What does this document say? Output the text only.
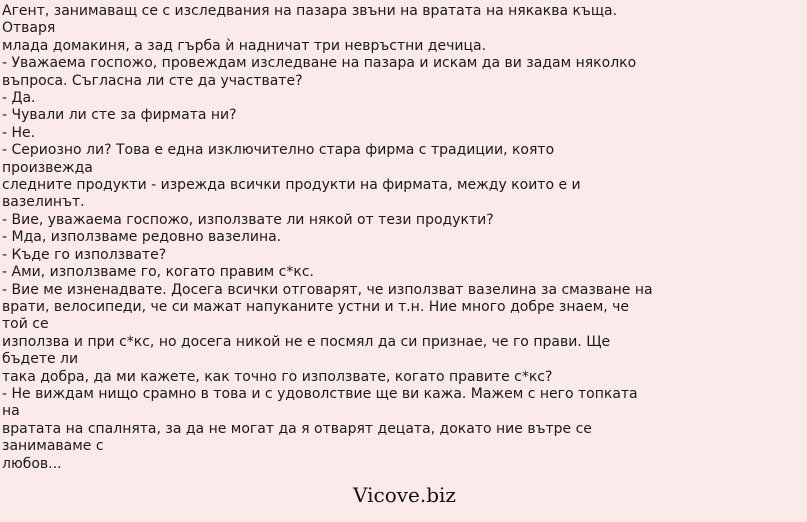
Агент, занимаващ се с изследвания на пазара звъни на вратата на някаква къща.
Отваря
млада домакиня, а зад гърба ѝ надничат три невръстни дечица.
- Уважаема госпожо, провеждам изследване на пазара и искам да ви задам няколко
въпроса. Съгласна ли сте да участвате?
- Да.
- Чували ли сте за фирмата ни?
- Не.
- Сериозно ли? Това е една изключително стара фирма с традиции, която
произвежда
следните продукти - изрежда всички продукти на фирмата, между които е и
вазелинът.
- Вие, уважаема госпожо, използвате ли някой от тези продукти?
- Мда, използваме редовно вазелина.
- Къде го използвате?
- Ами, използваме го, когато правим с*кс.
- Вие ме изненадвате. Досега всички отговарят, че използват вазелина за смазване на
врати, велосипеди, че си мажат напуканите устни и т.н. Ние много добре знаем, че
той се
използва и при с*кс, но досега никой не е посмял да си признае, че го прави. Ще
бъдете ли
така добра, да ми кажете, как точно го използвате, когато правите с*кс?
- Не виждам нищо срамно в това и с удоволствие ще ви кажа. Мажем с него топката
на
вратата на спалнята, за да не могат да я отварят децата, докато ние вътре се
занимаваме с
любов...
Vicove.biz
